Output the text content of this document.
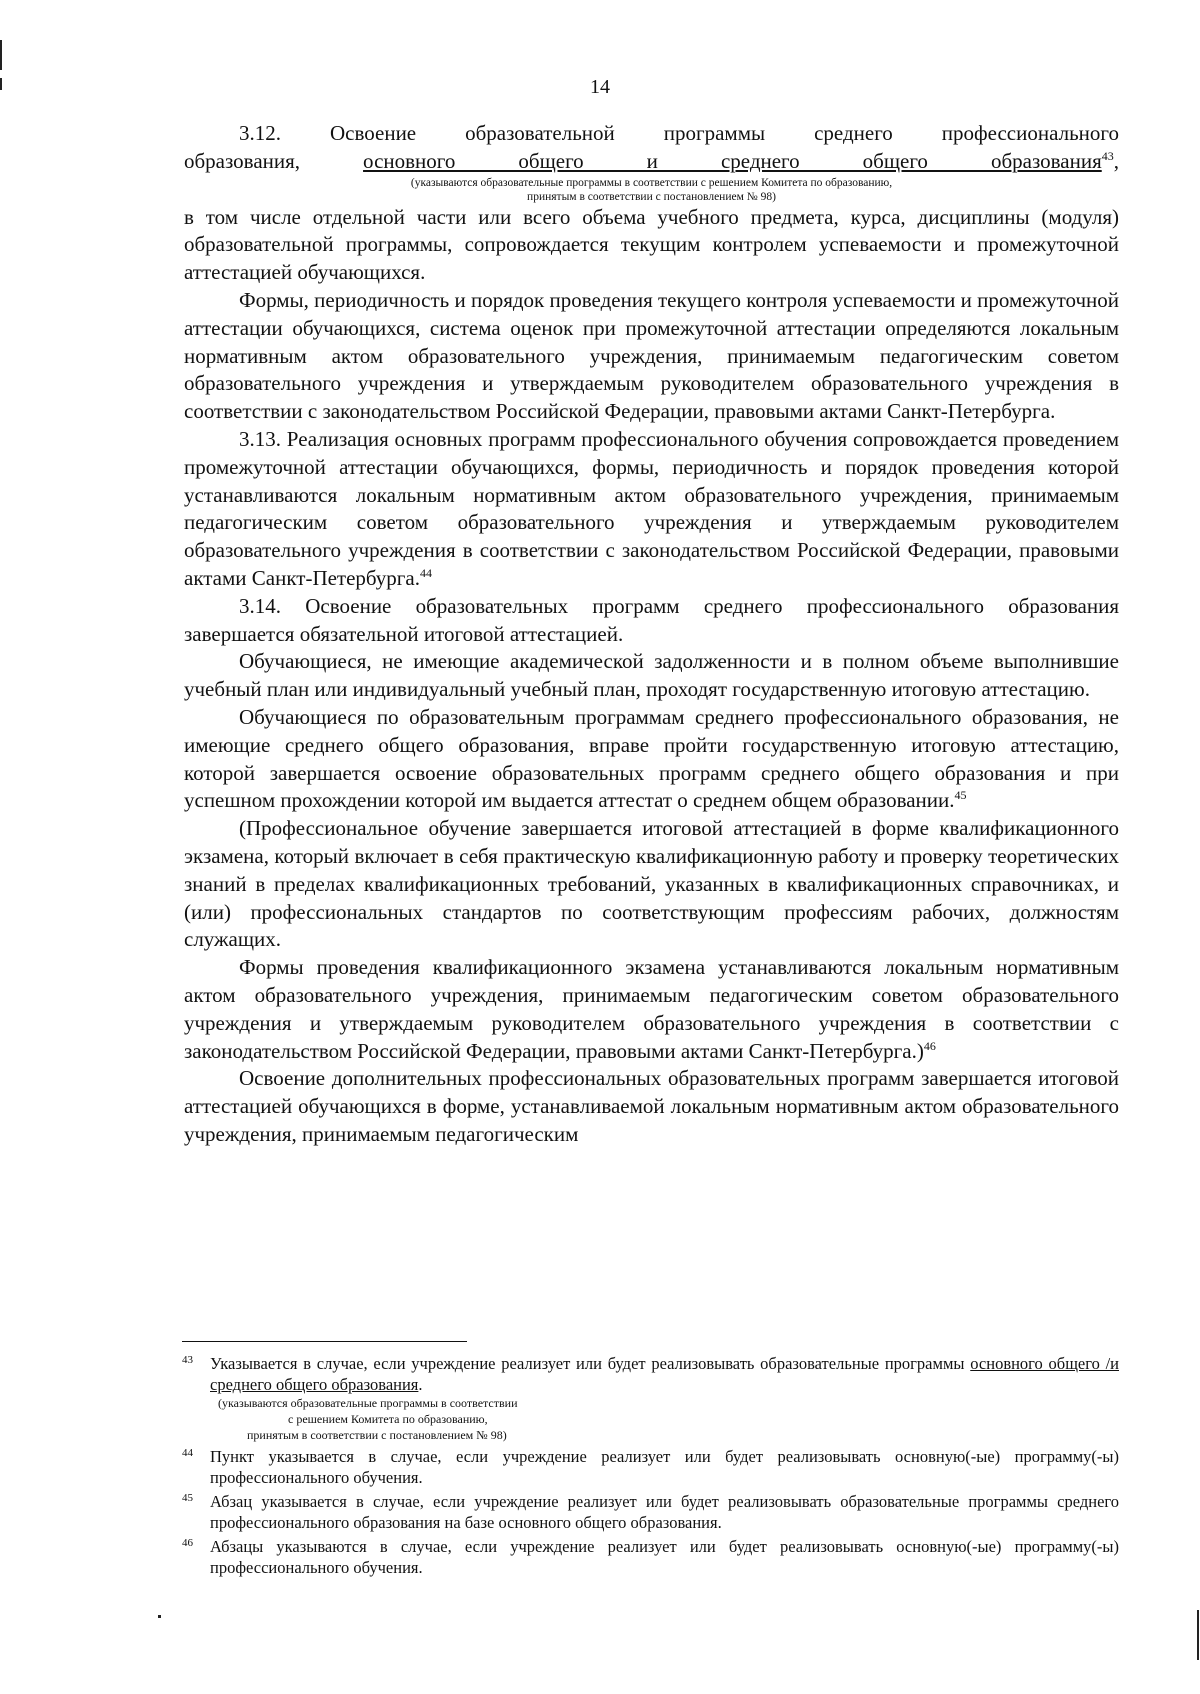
14
3.12. Освоение образовательной программы среднего профессионального
образования, основного общего и среднего общего образования$^{43}$,
(указываются образовательные программы в соответствии с решением Комитета по образованию,
принятым в соответствии с постановлением № 98)

в том числе отдельной части или всего объема учебного предмета, курса, дисциплины (модуля) образовательной программы, сопровождается текущим контролем успеваемости и промежуточной аттестацией обучающихся.

Формы, периодичность и порядок проведения текущего контроля успеваемости и промежуточной аттестации обучающихся, система оценок при промежуточной аттестации определяются локальным нормативным актом образовательного учреждения, принимаемым педагогическим советом образовательного учреждения и утверждаемым руководителем образовательного учреждения в соответствии с законодательством Российской Федерации, правовыми актами Санкт-Петербурга.

3.13. Реализация основных программ профессионального обучения сопровождается проведением промежуточной аттестации обучающихся, формы, периодичность и порядок проведения которой устанавливаются локальным нормативным актом образовательного учреждения, принимаемым педагогическим советом образовательного учреждения и утверждаемым руководителем образовательного учреждения в соответствии с законодательством Российской Федерации, правовыми актами Санкт-Петербурга.$^{44}$

3.14. Освоение образовательных программ среднего профессионального образования завершается обязательной итоговой аттестацией.

Обучающиеся, не имеющие академической задолженности и в полном объеме выполнившие учебный план или индивидуальный учебный план, проходят государственную итоговую аттестацию.

Обучающиеся по образовательным программам среднего профессионального образования, не имеющие среднего общего образования, вправе пройти государственную итоговую аттестацию, которой завершается освоение образовательных программ среднего общего образования и при успешном прохождении которой им выдается аттестат о среднем общем образовании.$^{45}$

(Профессиональное обучение завершается итоговой аттестацией в форме квалификационного экзамена, который включает в себя практическую квалификационную работу и проверку теоретических знаний в пределах квалификационных требований, указанных в квалификационных справочниках, и (или) профессиональных стандартов по соответствующим профессиям рабочих, должностям служащих.

Формы проведения квалификационного экзамена устанавливаются локальным нормативным актом образовательного учреждения, принимаемым педагогическим советом образовательного учреждения и утверждаемым руководителем образовательного учреждения в соответствии с законодательством Российской Федерации, правовыми актами Санкт-Петербурга.)$^{46}$

Освоение дополнительных профессиональных образовательных программ завершается итоговой аттестацией обучающихся в форме, устанавливаемой локальным нормативным актом образовательного учреждения, принимаемым педагогическим

43 Указывается в случае, если учреждение реализует или будет реализовывать образовательные программы основного общего /и среднего общего образования.
(указываются образовательные программы в соответствии
с решением Комитета по образованию,
принятым в соответствии с постановлением № 98)
44 Пункт указывается в случае, если учреждение реализует или будет реализовывать основную(-ые) программу(-ы) профессионального обучения.
45 Абзац указывается в случае, если учреждение реализует или будет реализовывать образовательные программы среднего профессионального образования на базе основного общего образования.
46 Абзацы указываются в случае, если учреждение реализует или будет реализовывать основную(-ые) программу(-ы) профессионального обучения.
